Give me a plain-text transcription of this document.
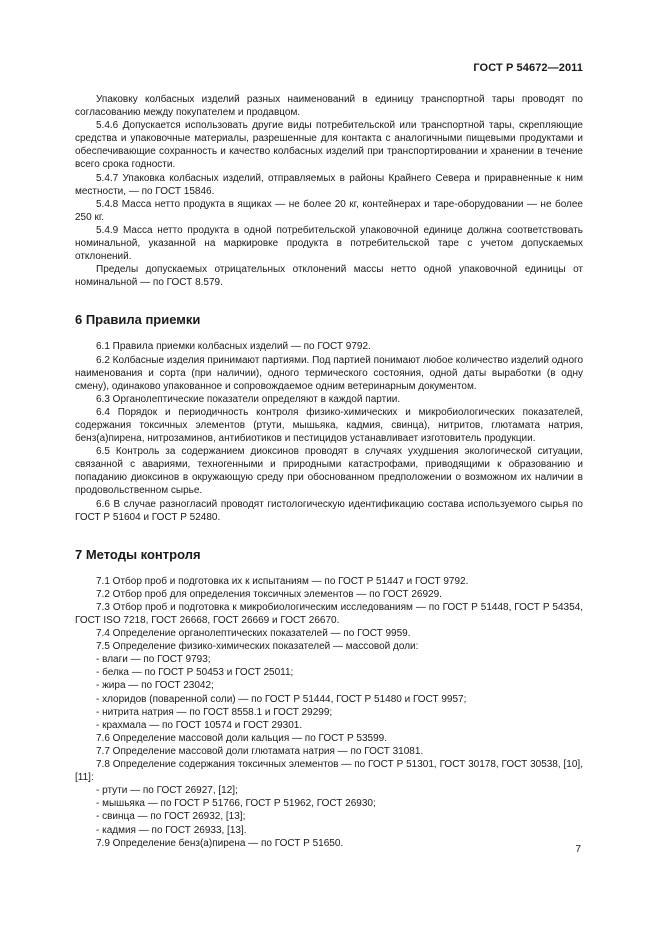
ГОСТ Р 54672—2011

Упаковку колбасных изделий разных наименований в единицу транспортной тары проводят по согласованию между покупателем и продавцом.

5.4.6 Допускается использовать другие виды потребительской или транспортной тары, скрепляющие средства и упаковочные материалы, разрешенные для контакта с аналогичными пищевыми продуктами и обеспечивающие сохранность и качество колбасных изделий при транспортировании и хранении в течение всего срока годности.

5.4.7 Упаковка колбасных изделий, отправляемых в районы Крайнего Севера и приравненные к ним местности, — по ГОСТ 15846.

5.4.8 Масса нетто продукта в ящиках — не более 20 кг, контейнерах и таре-оборудовании — не более 250 кг.

5.4.9 Масса нетто продукта в одной потребительской упаковочной единице должна соответствовать номинальной, указанной на маркировке продукта в потребительской таре с учетом допускаемых отклонений.

Пределы допускаемых отрицательных отклонений массы нетто одной упаковочной единицы от номинальной — по ГОСТ 8.579.

6 Правила приемки

6.1 Правила приемки колбасных изделий — по ГОСТ 9792.

6.2 Колбасные изделия принимают партиями. Под партией понимают любое количество изделий одного наименования и сорта (при наличии), одного термического состояния, одной даты выработки (в одну смену), одинаково упакованное и сопровождаемое одним ветеринарным документом.

6.3 Органолептические показатели определяют в каждой партии.

6.4 Порядок и периодичность контроля физико-химических и микробиологических показателей, содержания токсичных элементов (ртути, мышьяка, кадмия, свинца), нитритов, глютамата натрия, бенз(а)пирена, нитрозаминов, антибиотиков и пестицидов устанавливает изготовитель продукции.

6.5 Контроль за содержанием диоксинов проводят в случаях ухудшения экологической ситуации, связанной с авариями, техногенными и природными катастрофами, приводящими к образованию и попаданию диоксинов в окружающую среду при обоснованном предположении о возможном их наличии в продовольственном сырье.

6.6 В случае разногласий проводят гистологическую идентификацию состава используемого сырья по ГОСТ Р 51604 и ГОСТ Р 52480.

7 Методы контроля

7.1 Отбор проб и подготовка их к испытаниям — по ГОСТ Р 51447 и ГОСТ 9792.

7.2 Отбор проб для определения токсичных элементов — по ГОСТ 26929.

7.3 Отбор проб и подготовка к микробиологическим исследованиям — по ГОСТ Р 51448, ГОСТ Р 54354, ГОСТ ISO 7218, ГОСТ 26668, ГОСТ 26669 и ГОСТ 26670.

7.4 Определение органолептических показателей — по ГОСТ 9959.

7.5 Определение физико-химических показателей — массовой доли:

- влаги — по ГОСТ 9793;

- белка — по ГОСТ Р 50453 и ГОСТ 25011;

- жира — по ГОСТ 23042;

- хлоридов (поваренной соли) — по ГОСТ Р 51444, ГОСТ Р 51480 и ГОСТ 9957;

- нитрита натрия — по ГОСТ 8558.1 и ГОСТ 29299;

- крахмала — по ГОСТ 10574 и ГОСТ 29301.

7.6 Определение массовой доли кальция — по ГОСТ Р 53599.

7.7 Определение массовой доли глютамата натрия — по ГОСТ 31081.

7.8 Определение содержания токсичных элементов — по ГОСТ Р 51301, ГОСТ 30178, ГОСТ 30538, [10], [11]:

- ртути — по ГОСТ 26927, [12];

- мышьяка — по ГОСТ Р 51766, ГОСТ Р 51962, ГОСТ 26930;

- свинца — по ГОСТ 26932, [13];

- кадмия — по ГОСТ 26933, [13].

7.9 Определение бенз(а)пирена — по ГОСТ Р 51650.

7
